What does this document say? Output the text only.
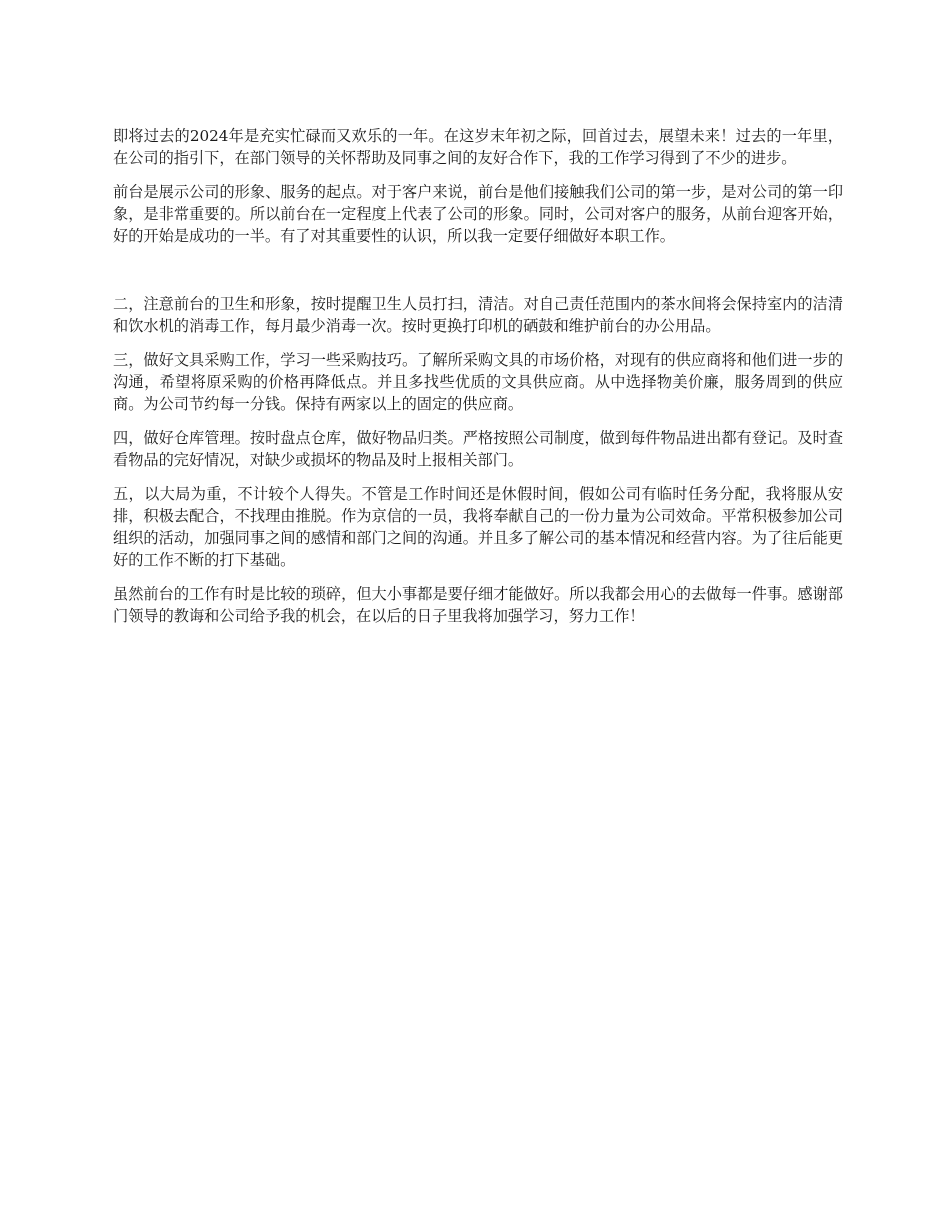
即将过去的2024年是充实忙碌而又欢乐的一年。在这岁末年初之际，回首过去，展望未来！过去的一年里，在公司的指引下，在部门领导的关怀帮助及同事之间的友好合作下，我的工作学习得到了不少的进步。

前台是展示公司的形象、服务的起点。对于客户来说，前台是他们接触我们公司的第一步，是对公司的第一印象，是非常重要的。所以前台在一定程度上代表了公司的形象。同时，公司对客户的服务，从前台迎客开始，好的开始是成功的一半。有了对其重要性的认识，所以我一定要仔细做好本职工作。

二，注意前台的卫生和形象，按时提醒卫生人员打扫，清洁。对自己责任范围内的茶水间将会保持室内的洁清和饮水机的消毒工作，每月最少消毒一次。按时更换打印机的硒鼓和维护前台的办公用品。

三，做好文具采购工作，学习一些采购技巧。了解所采购文具的市场价格，对现有的供应商将和他们进一步的沟通，希望将原采购的价格再降低点。并且多找些优质的文具供应商。从中选择物美价廉，服务周到的供应商。为公司节约每一分钱。保持有两家以上的固定的供应商。

四，做好仓库管理。按时盘点仓库，做好物品归类。严格按照公司制度，做到每件物品进出都有登记。及时查看物品的完好情况，对缺少或损坏的物品及时上报相关部门。

五，以大局为重，不计较个人得失。不管是工作时间还是休假时间，假如公司有临时任务分配，我将服从安排，积极去配合，不找理由推脱。作为京信的一员，我将奉献自己的一份力量为公司效命。平常积极参加公司组织的活动，加强同事之间的感情和部门之间的沟通。并且多了解公司的基本情况和经营内容。为了往后能更好的工作不断的打下基础。

虽然前台的工作有时是比较的琐碎，但大小事都是要仔细才能做好。所以我都会用心的去做每一件事。感谢部门领导的教诲和公司给予我的机会，在以后的日子里我将加强学习，努力工作！
